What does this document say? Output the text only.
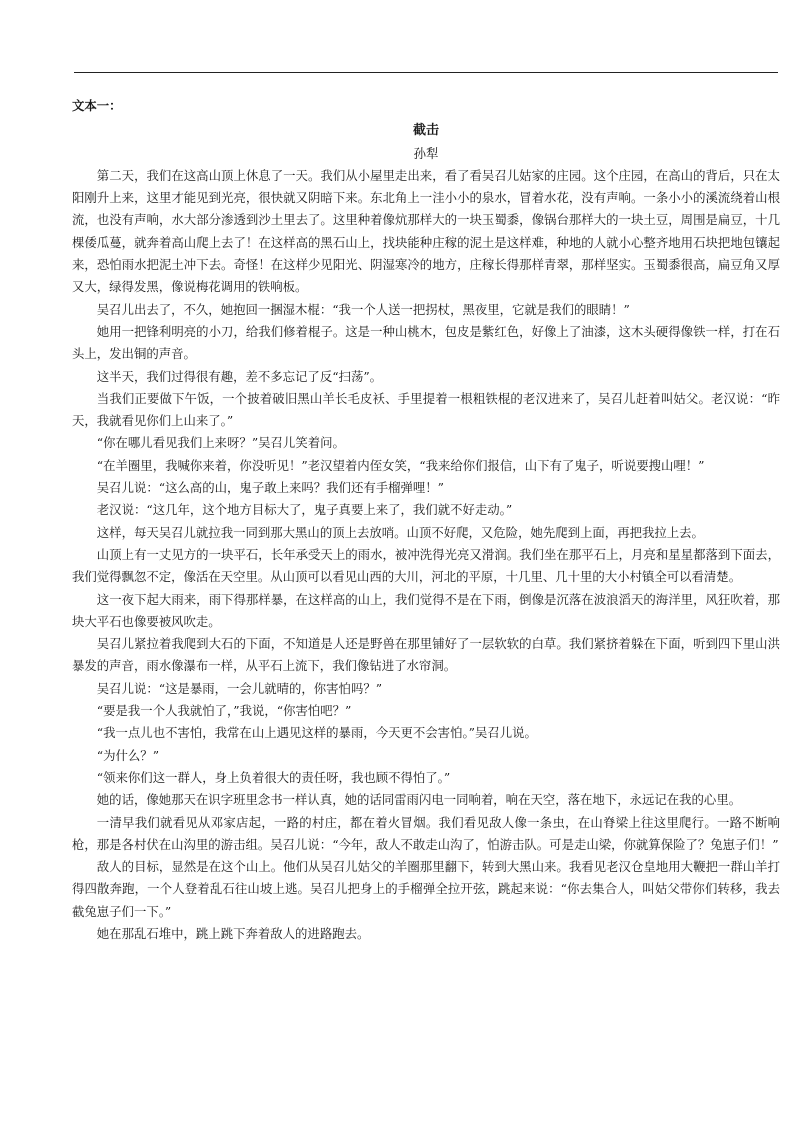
文本一：

截击

孙犁

第二天，我们在这高山顶上休息了一天。我们从小屋里走出来，看了看吴召儿姑家的庄园。这个庄园，在高山的背后，只在太阳刚升上来，这里才能见到光亮，很快就又阴暗下来。东北角上一洼小小的泉水，冒着水花，没有声响。一条小小的溪流绕着山根流，也没有声响，水大部分渗透到沙土里去了。这里种着像炕那样大的一块玉蜀黍，像锅台那样大的一块土豆，周围是扁豆，十几棵倭瓜蔓，就奔着高山爬上去了！在这样高的黑石山上，找块能种庄稼的泥土是这样难，种地的人就小心整齐地用石块把地包镶起来，恐怕雨水把泥土冲下去。奇怪！在这样少见阳光、阴湿寒冷的地方，庄稼长得那样青翠，那样坚实。玉蜀黍很高，扁豆角又厚又大，绿得发黑，像说梅花调用的铁响板。

吴召儿出去了，不久，她抱回一捆湿木棍：“我一个人送一把拐杖，黑夜里，它就是我们的眼睛！”

她用一把锋利明亮的小刀，给我们修着棍子。这是一种山桃木，包皮是紫红色，好像上了油漆，这木头硬得像铁一样，打在石头上，发出铜的声音。

这半天，我们过得很有趣，差不多忘记了反“扫荡”。

当我们正要做下午饭，一个披着破旧黑山羊长毛皮袄、手里提着一根粗铁棍的老汉进来了，吴召儿赶着叫姑父。老汉说：“昨天，我就看见你们上山来了。”

“你在哪儿看见我们上来呀？”吴召儿笑着问。

“在羊圈里，我喊你来着，你没听见！”老汉望着内侄女笑，“我来给你们报信，山下有了鬼子，听说要搜山哩！”

吴召儿说：“这么高的山，鬼子敢上来吗？我们还有手榴弹哩！”

老汉说：“这几年，这个地方目标大了，鬼子真要上来了，我们就不好走动。”

这样，每天吴召儿就拉我一同到那大黑山的顶上去放哨。山顶不好爬，又危险，她先爬到上面，再把我拉上去。

山顶上有一丈见方的一块平石，长年承受天上的雨水，被冲洗得光亮又滑润。我们坐在那平石上，月亮和星星都落到下面去，我们觉得飘忽不定，像活在天空里。从山顶可以看见山西的大川，河北的平原，十几里、几十里的大小村镇全可以看清楚。

这一夜下起大雨来，雨下得那样暴，在这样高的山上，我们觉得不是在下雨，倒像是沉落在波浪滔天的海洋里，风狂吹着，那块大平石也像要被风吹走。

吴召儿紧拉着我爬到大石的下面，不知道是人还是野兽在那里铺好了一层软软的白草。我们紧挤着躲在下面，听到四下里山洪暴发的声音，雨水像瀑布一样，从平石上流下，我们像钻进了水帘洞。

吴召儿说：“这是暴雨，一会儿就晴的，你害怕吗？”

“要是我一个人我就怕了，”我说，“你害怕吧？”

“我一点儿也不害怕，我常在山上遇见这样的暴雨，今天更不会害怕。”吴召儿说。

“为什么？”

“领来你们这一群人，身上负着很大的责任呀，我也顾不得怕了。”

她的话，像她那天在识字班里念书一样认真，她的话同雷雨闪电一同响着，响在天空，落在地下，永远记在我的心里。

一清早我们就看见从邓家店起，一路的村庄，都在着火冒烟。我们看见敌人像一条虫，在山脊梁上往这里爬行。一路不断响枪，那是各村伏在山沟里的游击组。吴召儿说：“今年，敌人不敢走山沟了，怕游击队。可是走山梁，你就算保险了？兔崽子们！”

敌人的目标，显然是在这个山上。他们从吴召儿姑父的羊圈那里翻下，转到大黑山来。我看见老汉仓皇地用大鞭把一群山羊打得四散奔跑，一个人登着乱石往山坡上逃。吴召儿把身上的手榴弹全拉开弦，跳起来说：“你去集合人，叫姑父带你们转移，我去截兔崽子们一下。”

她在那乱石堆中，跳上跳下奔着敌人的进路跑去。
